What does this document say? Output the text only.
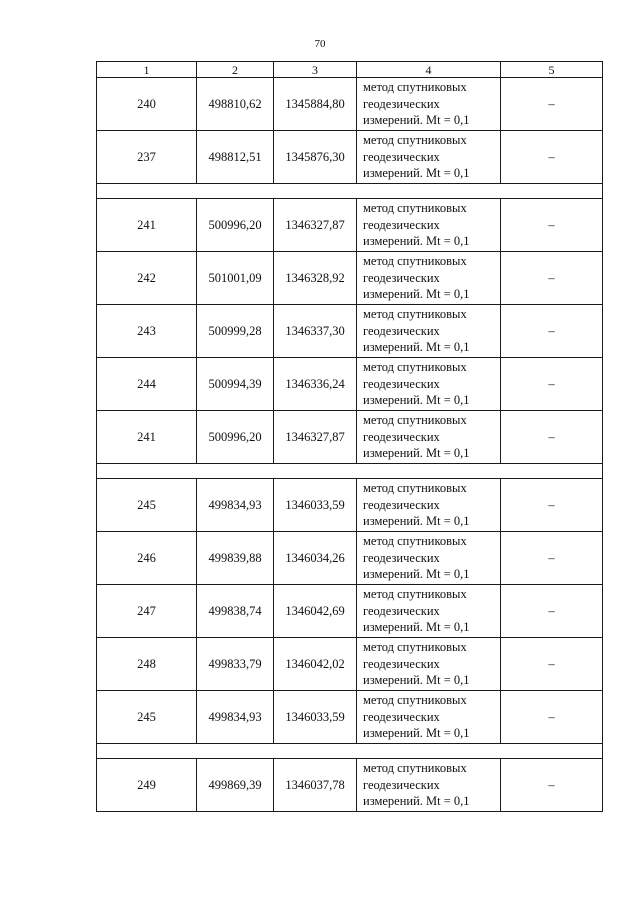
70
1	2	3	4	5
240	498810,62	1345884,80	метод спутниковых
геодезических
измерений. Mt = 0,1	–
237	498812,51	1345876,30	метод спутниковых
геодезических
измерений. Mt = 0,1	–

241	500996,20	1346327,87	метод спутниковых
геодезических
измерений. Mt = 0,1	–
242	501001,09	1346328,92	метод спутниковых
геодезических
измерений. Mt = 0,1	–
243	500999,28	1346337,30	метод спутниковых
геодезических
измерений. Mt = 0,1	–
244	500994,39	1346336,24	метод спутниковых
геодезических
измерений. Mt = 0,1	–
241	500996,20	1346327,87	метод спутниковых
геодезических
измерений. Mt = 0,1	–

245	499834,93	1346033,59	метод спутниковых
геодезических
измерений. Mt = 0,1	–
246	499839,88	1346034,26	метод спутниковых
геодезических
измерений. Mt = 0,1	–
247	499838,74	1346042,69	метод спутниковых
геодезических
измерений. Mt = 0,1	–
248	499833,79	1346042,02	метод спутниковых
геодезических
измерений. Mt = 0,1	–
245	499834,93	1346033,59	метод спутниковых
геодезических
измерений. Mt = 0,1	–

249	499869,39	1346037,78	метод спутниковых
геодезических
измерений. Mt = 0,1	–
